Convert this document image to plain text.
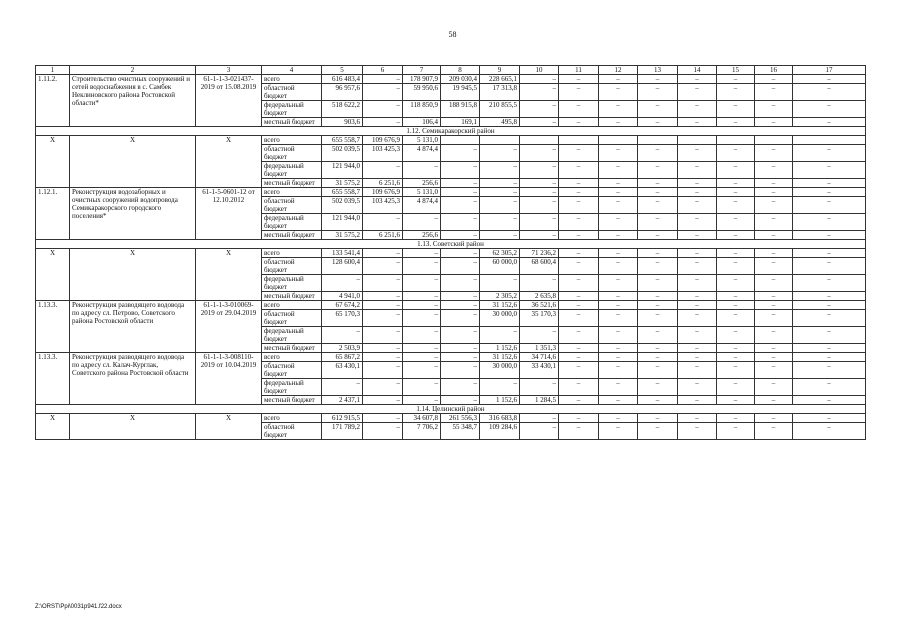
58
1	2	3	4	5	6	7	8	9	10	11	12	13	14	15	16	17
1.11.2.	Строительство очистных сооружений и сетей водоснабжения в с. Самбек Неклиновского района Ростовской области*	61-1-1-3-021437-2019 от 15.08.2019	всего	616 483,4	–	178 907,9	209 030,4	228 665,1	–	–	–	–	–	–	–	–
			областной бюджет	96 957,6	–	59 950,6	19 945,5	17 313,8	–	–	–	–	–	–	–	–
			федеральный бюджет	518 622,2	–	118 850,9	188 915,8	210 855,5	–	–	–	–	–	–	–	–
			местный бюджет	903,6	–	106,4	169,1	495,8	–	–	–	–	–	–	–	–
1.12. Семикаракорский район																
X	X	X	всего	655 558,7	109 676,9	5 131,0										
			областной бюджет	502 039,5	103 425,3	4 874,4	–	–	–	–	–	–	–	–	–	–
			федеральный бюджет	121 944,0	–	–	–	–	–	–	–	–	–	–	–	–
			местный бюджет	31 575,2	6 251,6	256,6	–	–	–	–	–	–	–	–	–	–
1.12.1.	Реконструкция водозаборных и очистных сооружений водопровода Семикаракорского городского поселения*	61-1-5-0601-12 от 12.10.2012	всего	655 558,7	109 676,9	5 131,0	–	–	–	–	–	–	–	–	–	–
			областной бюджет	502 039,5	103 425,3	4 874,4	–	–	–	–	–	–	–	–	–	–
			федеральный бюджет	121 944,0	–	–	–	–	–	–	–	–	–	–	–	–
			местный бюджет	31 575,2	6 251,6	256,6	–	–	–	–	–	–	–	–	–	–
1.13. Советский район																
X	X	X	всего	133 541,4	–	–	–	62 305,2	71 236,2	–	–	–	–	–	–	–
			областной бюджет	128 600,4	–	–	–	60 000,0	68 600,4	–	–	–	–	–	–	–
			федеральный бюджет	–	–	–	–	–	–	–	–	–	–	–	–	–
			местный бюджет	4 941,0	–	–	–	2 305,2	2 635,8	–	–	–	–	–	–	–
1.13.3.	Реконструкция разводящего водовода по адресу сл. Петрово, Советского района Ростовской области	61-1-1-3-010069-2019 от 29.04.2019	всего	67 674,2	–	–	–	31 152,6	36 521,6	–	–	–	–	–	–	–
			областной бюджет	65 170,3	–	–	–	30 000,0	35 170,3	–	–	–	–	–	–	–
			федеральный бюджет	–	–	–	–	–	–	–	–	–	–	–	–	–
			местный бюджет	2 503,9	–	–	–	1 152,6	1 351,3	–	–	–	–	–	–	–
1.13.3.	Реконструкция разводящего водовода по адресу сл. Калач-Курглак, Советского района Ростовской области	61-1-1-3-008110-2019 от 10.04.2019	всего	65 867,2	–	–	–	31 152,6	34 714,6	–	–	–	–	–	–	–
			областной бюджет	63 430,1	–	–	–	30 000,0	33 430,1	–	–	–	–	–	–	–
			федеральный бюджет	–	–	–	–	–	–	–	–	–	–	–	–	–
			местный бюджет	2 437,1	–	–	–	1 152,6	1 284,5	–	–	–	–	–	–	–
1.14. Целинский район																
X	X	X	всего	612 915,5	–	34 607,8	261 556,3	316 683,8	–	–	–	–	–	–	–	–
			областной бюджет	171 789,2	–	7 706,2	55 348,7	109 284,6	–	–	–	–	–	–	–	–
Z:\ORST\Ppi\0031p941.f22.docx
